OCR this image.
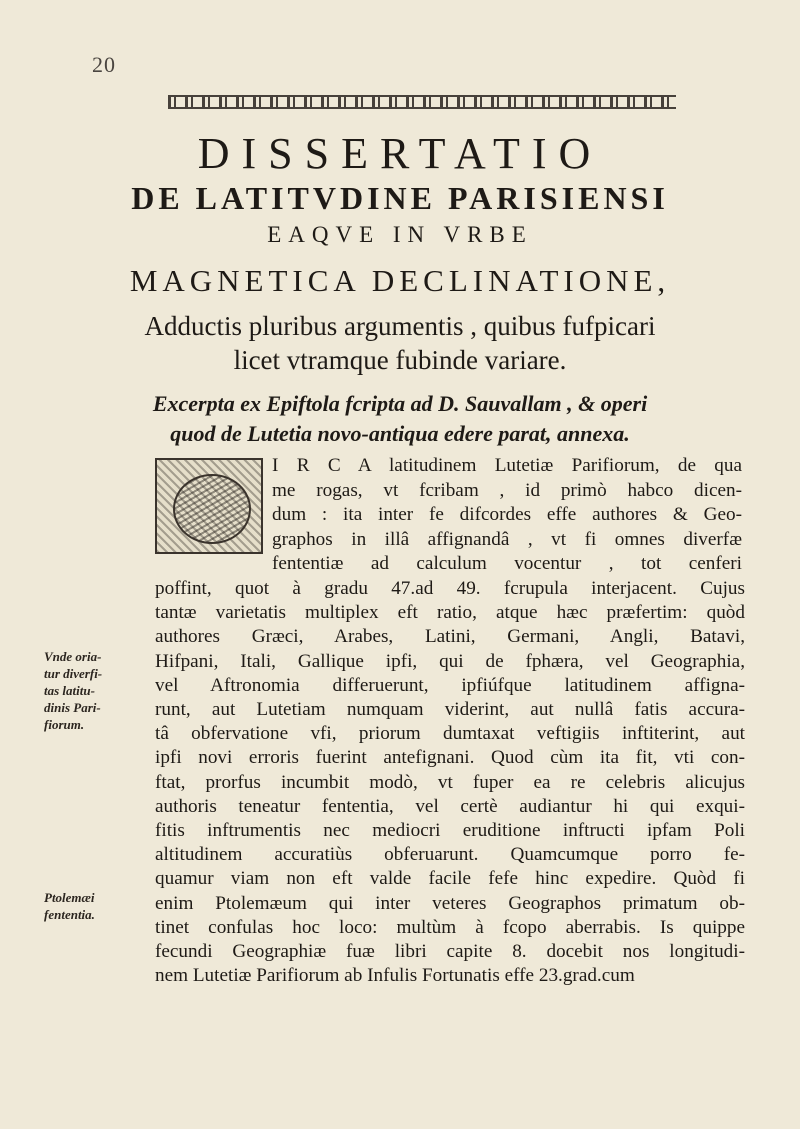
20
DISSERTATIO
DE LATITVDINE PARISIENSI
EAQVE IN VRBE
MAGNETICA DECLINATIONE,
Adductis pluribus argumentis , quibus fufpicari
licet vtramque fubinde variare.
Excerpta ex Epiftola fcripta ad D. Sauvallam , & operi
quod de Lutetia novo-antiqua edere parat, annexa.
I R C A latitudinem Lutetiæ Parifiorum, de qua
me rogas, vt fcribam , id primò habco dicen-
dum : ita inter fe difcordes effe authores & Geo-
graphos in illâ affignandâ , vt fi omnes diverfæ
fententiæ ad calculum vocentur , tot cenferi
poffint, quot à gradu 47.ad 49. fcrupula interjacent. Cujus
tantæ varietatis multiplex eft ratio, atque hæc præfertim: quòd
authores Græci, Arabes, Latini, Germani, Angli, Batavi,
Hifpani, Itali, Gallique ipfi, qui de fphæra, vel Geographia,
vel Aftronomia differuerunt, ipfiúfque latitudinem affigna-
runt, aut Lutetiam numquam viderint, aut nullâ fatis accura-
tâ obfervatione vfi, priorum dumtaxat veftigiis inftiterint, aut
ipfi novi erroris fuerint antefignani. Quod cùm ita fit, vti con-
ftat, prorfus incumbit modò, vt fuper ea re celebris alicujus
authoris teneatur fententia, vel certè audiantur hi qui exqui-
fitis inftrumentis nec mediocri eruditione inftructi ipfam Poli
altitudinem accuratiùs obferuarunt. Quamcumque porro fe-
quamur viam non eft valde facile fefe hinc expedire. Quòd fi
enim Ptolemæum qui inter veteres Geographos primatum ob-
tinet confulas hoc loco: multùm à fcopo aberrabis. Is quippe
fecundi Geographiæ fuæ libri capite 8. docebit nos longitudi-
nem Lutetiæ Parifiorum ab Infulis Fortunatis effe 23.grad.cum
Vnde oria-
tur diverfi-
tas latitu-
dinis Pari-
fiorum.
Ptolemæi
fententia.
